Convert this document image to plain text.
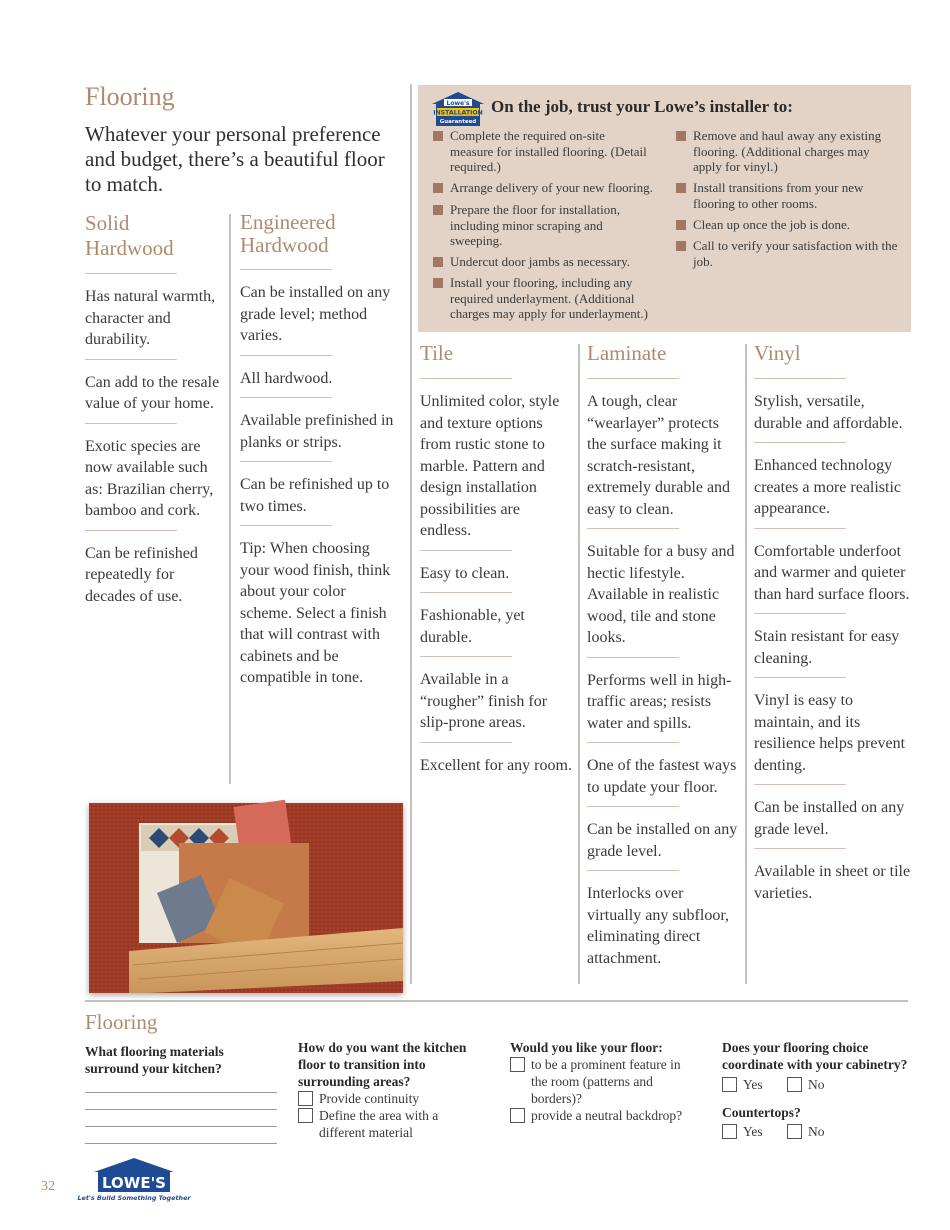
Flooring
Whatever your personal preference and budget, there’s a beautiful floor to match.
Solid Hardwood
Has natural warmth, character and durability.
Can add to the resale value of your home.
Exotic species are now available such as: Brazilian cherry, bamboo and cork.
Can be refinished repeatedly for decades of use.
Engineered Hardwood
Can be installed on any grade level; method varies.
All hardwood.
Available prefinished in planks or strips.
Can be refinished up to two times.
Tip: When choosing your wood finish, think about your color scheme. Select a finish that will contrast with cabinets and be compatible in tone.
Lowe's
INSTALLATION
Guaranteed
On the job, trust your Lowe’s installer to:
Complete the required on-site measure for installed flooring. (Detail required.)
Arrange delivery of your new flooring.
Prepare the floor for installation, including minor scraping and sweeping.
Undercut door jambs as necessary.
Install your flooring, including any required underlayment. (Additional charges may apply for underlayment.)
Remove and haul away any existing flooring. (Additional charges may apply for vinyl.)
Install transitions from your new flooring to other rooms.
Clean up once the job is done.
Call to verify your satisfaction with the job.
Tile
Unlimited color, style and texture options from rustic stone to marble. Pattern and design installation possibilities are endless.
Easy to clean.
Fashionable, yet durable.
Available in a “rougher” finish for slip-prone areas.
Excellent for any room.
Laminate
A tough, clear “wearlayer” protects the surface making it scratch-resistant, extremely durable and easy to clean.
Suitable for a busy and hectic lifestyle. Available in realistic wood, tile and stone looks.
Performs well in high-traffic areas; resists water and spills.
One of the fastest ways to update your floor.
Can be installed on any grade level.
Interlocks over virtually any subfloor, eliminating direct attachment.
Vinyl
Stylish, versatile, durable and affordable.
Enhanced technology creates a more realistic appearance.
Comfortable underfoot and warmer and quieter than hard surface floors.
Stain resistant for easy cleaning.
Vinyl is easy to maintain, and its resilience helps prevent denting.
Can be installed on any grade level.
Available in sheet or tile varieties.
Flooring
What flooring materials surround your kitchen?
How do you want the kitchen floor to transition into surrounding areas?
Provide continuity
Define the area with a different material
Would you like your floor:
to be a prominent feature in the room (patterns and borders)?
provide a neutral backdrop?
Does your flooring choice coordinate with your cabinetry?
Yes	No
Countertops?
Yes	No
32	LOWE'S
Let's Build Something Together
